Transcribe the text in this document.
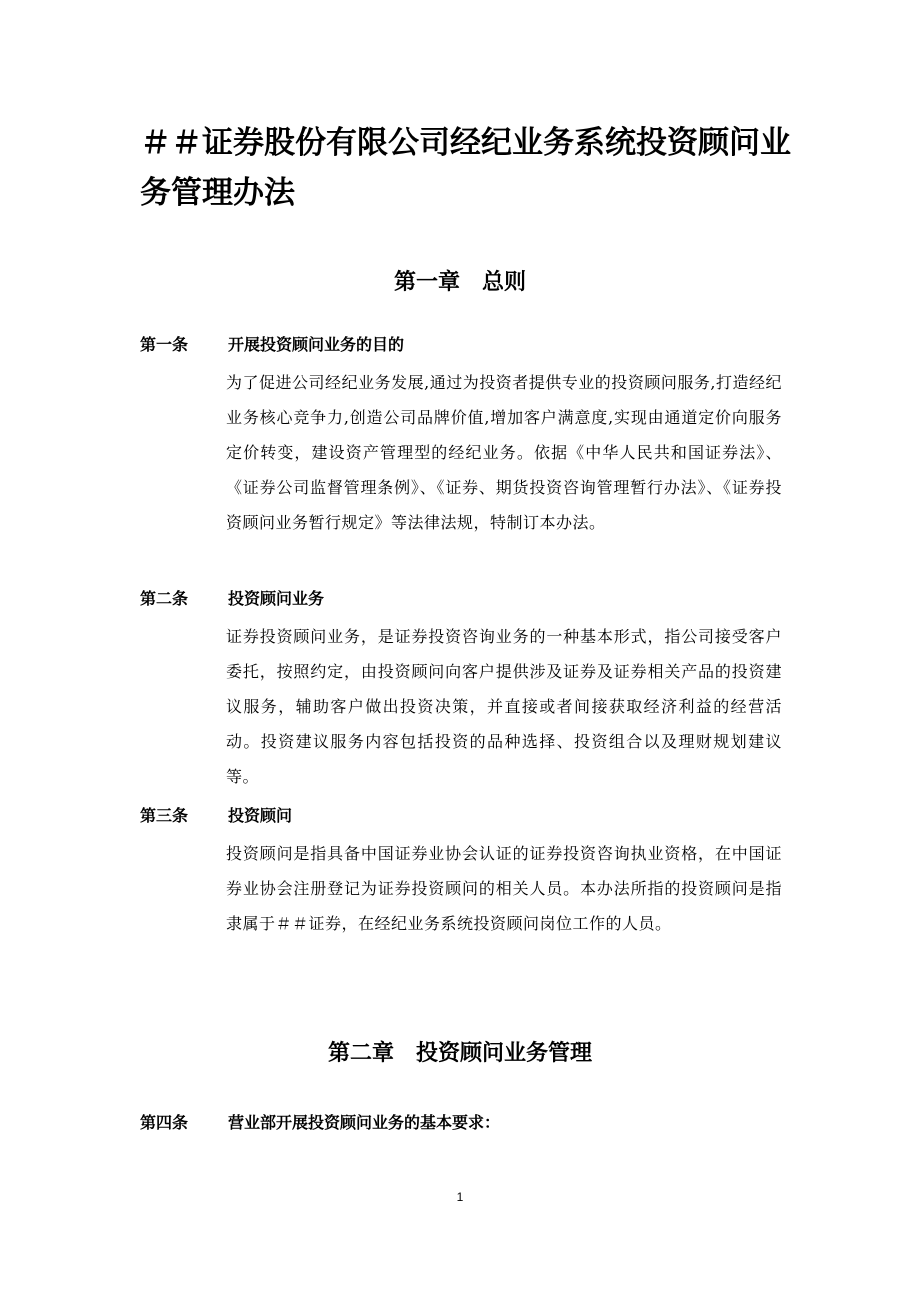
＃＃证券股份有限公司经纪业务系统投资顾问业务管理办法
第一章 总则
第一条 开展投资顾问业务的目的

为了促进公司经纪业务发展,通过为投资者提供专业的投资顾问服务,打造经纪业务核心竞争力,创造公司品牌价值,增加客户满意度,实现由通道定价向服务定价转变，建设资产管理型的经纪业务。依据《中华人民共和国证券法》、《证券公司监督管理条例》、《证券、期货投资咨询管理暂行办法》、《证券投资顾问业务暂行规定》等法律法规，特制订本办法。

第二条 投资顾问业务

证券投资顾问业务，是证券投资咨询业务的一种基本形式，指公司接受客户委托，按照约定，由投资顾问向客户提供涉及证券及证券相关产品的投资建议服务，辅助客户做出投资决策，并直接或者间接获取经济利益的经营活动。投资建议服务内容包括投资的品种选择、投资组合以及理财规划建议等。

第三条 投资顾问

投资顾问是指具备中国证券业协会认证的证券投资咨询执业资格，在中国证券业协会注册登记为证券投资顾问的相关人员。本办法所指的投资顾问是指隶属于＃＃证券，在经纪业务系统投资顾问岗位工作的人员。

第二章 投资顾问业务管理
第四条 营业部开展投资顾问业务的基本要求：
1
